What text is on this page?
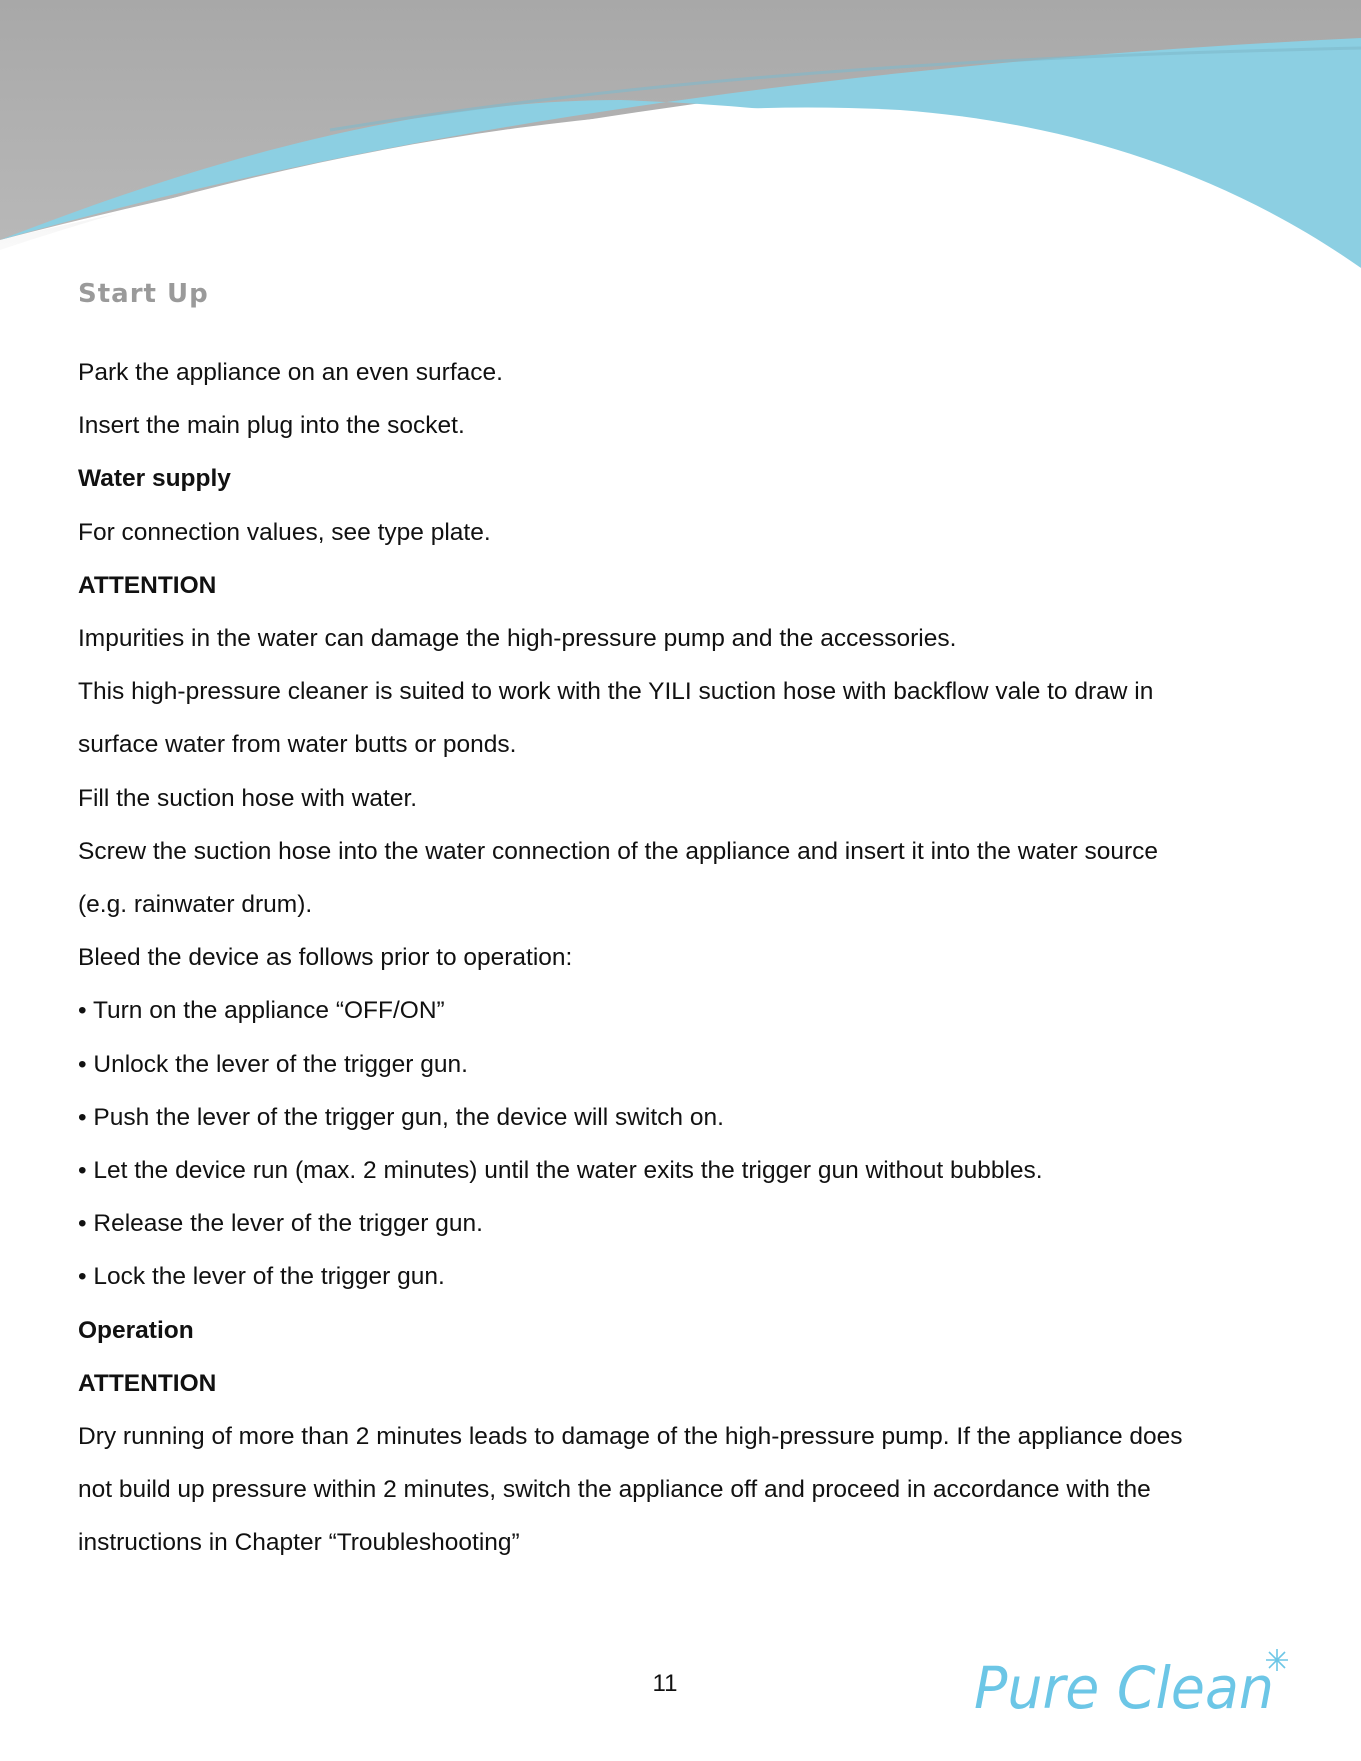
Start Up

Park the appliance on an even surface.

Insert the main plug into the socket.

Water supply

For connection values, see type plate.

ATTENTION

Impurities in the water can damage the high-pressure pump and the accessories.

This high-pressure cleaner is suited to work with the YILI suction hose with backflow vale to draw in

surface water from water butts or ponds.

Fill the suction hose with water.

Screw the suction hose into the water connection of the appliance and insert it into the water source

(e.g. rainwater drum).

Bleed the device as follows prior to operation:

• Turn on the appliance “OFF/ON”

• Unlock the lever of the trigger gun.

• Push the lever of the trigger gun, the device will switch on.

• Let the device run (max. 2 minutes) until the water exits the trigger gun without bubbles.

• Release the lever of the trigger gun.

• Lock the lever of the trigger gun.

Operation

ATTENTION

Dry running of more than 2 minutes leads to damage of the high-pressure pump. If the appliance does

not build up pressure within 2 minutes, switch the appliance off and proceed in accordance with the

instructions in Chapter “Troubleshooting”

11	Pure Clean
